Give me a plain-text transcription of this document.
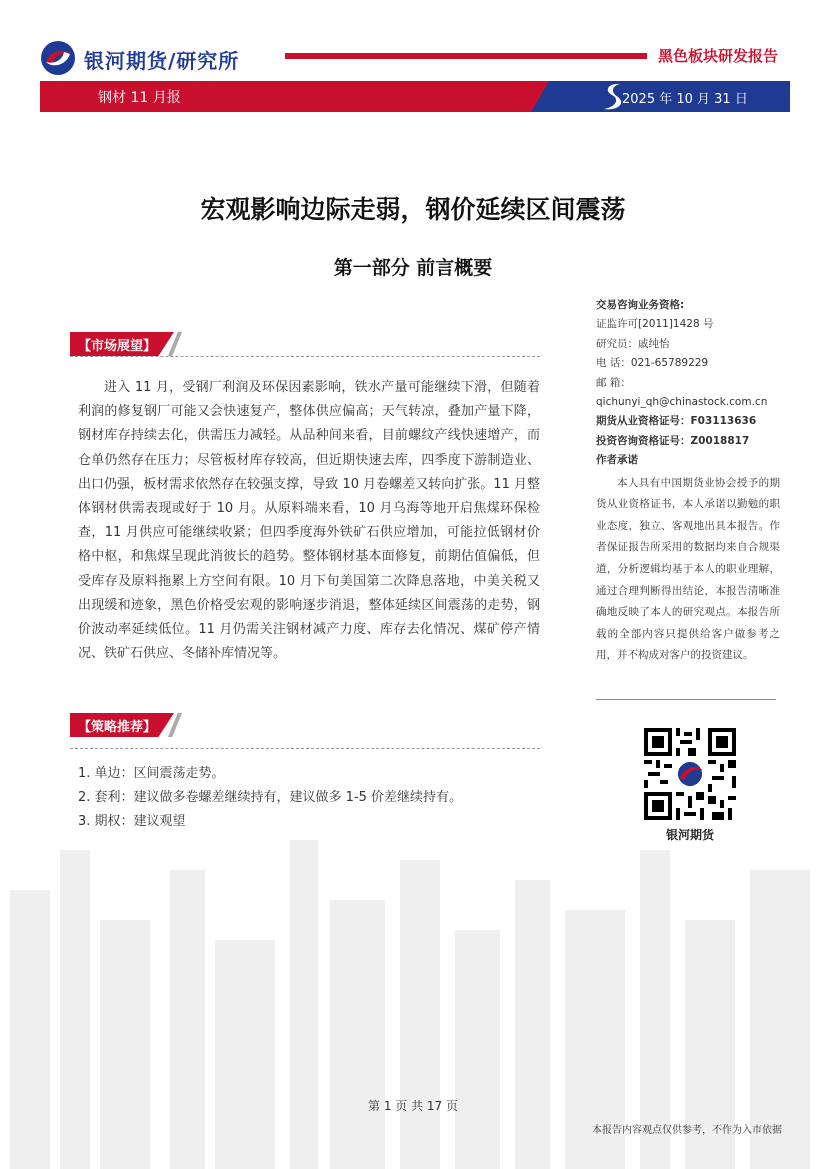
银河期货/研究所	黑色板块研发报告
钢材 11 月报	2025 年 10 月 31 日
宏观影响边际走弱，钢价延续区间震荡
第一部分 前言概要
【市场展望】

进入 11 月，受钢厂利润及环保因素影响，铁水产量可能继续下滑，但随着利润的修复钢厂可能又会快速复产，整体供应偏高；天气转凉，叠加产量下降，钢材库存持续去化，供需压力减轻。从品种间来看，目前螺纹产线快速增产，而仓单仍然存在压力；尽管板材库存较高，但近期快速去库，四季度下游制造业、出口仍强，板材需求依然存在较强支撑，导致 10 月卷螺差又转向扩张。11 月整体钢材供需表现或好于 10 月。从原料端来看，10 月乌海等地开启焦煤环保检查，11 月供应可能继续收紧；但四季度海外铁矿石供应增加，可能拉低钢材价格中枢，和焦煤呈现此消彼长的趋势。整体钢材基本面修复，前期估值偏低，但受库存及原料拖累上方空间有限。10 月下旬美国第二次降息落地，中美关税又出现缓和迹象，黑色价格受宏观的影响逐步消退，整体延续区间震荡的走势，钢价波动率延续低位。11 月仍需关注钢材减产力度、库存去化情况、煤矿停产情况、铁矿石供应、冬储补库情况等。

【策略推荐】
1. 单边：区间震荡走势。
2. 套利：建议做多卷螺差继续持有，建议做多 1-5 价差继续持有。
3. 期权：建议观望
交易咨询业务资格:
证监许可[2011]1428 号
研究员：戚纯怡
电 话：021-65789229
邮 箱：
qichunyi_qh@chinastock.com.cn
期货从业资格证号：F03113636
投资咨询资格证号：Z0018817
作者承诺
本人具有中国期货业协会授予的期货从业资格证书，本人承诺以勤勉的职业态度，独立、客观地出具本报告。作者保证报告所采用的数据均来自合规渠道，分析逻辑均基于本人的职业理解，通过合理判断得出结论，本报告清晰准确地反映了本人的研究观点。本报告所载的全部内容只提供给客户做参考之用，并不构成对客户的投资建议。
银河期货
第 1 页 共 17 页
本报告内容观点仅供参考，不作为入市依据
